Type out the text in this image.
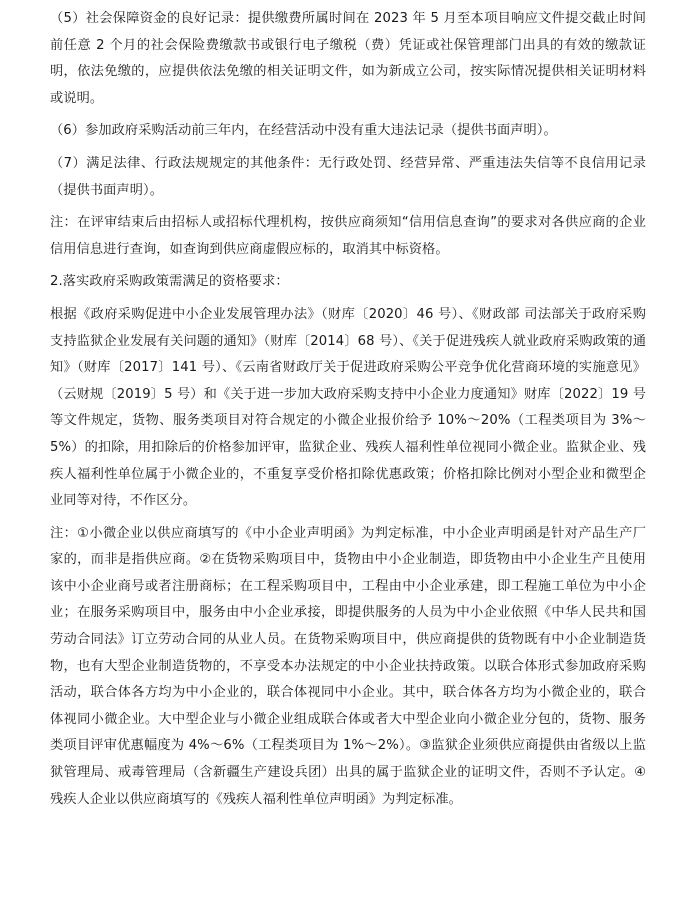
（5）社会保障资金的良好记录：提供缴费所属时间在 2023 年 5 月至本项目响应文件提交截止时间前任意 2 个月的社会保险费缴款书或银行电子缴税（费）凭证或社保管理部门出具的有效的缴款证明，依法免缴的，应提供依法免缴的相关证明文件，如为新成立公司，按实际情况提供相关证明材料或说明。

（6）参加政府采购活动前三年内，在经营活动中没有重大违法记录（提供书面声明）。

（7）满足法律、行政法规规定的其他条件：无行政处罚、经营异常、严重违法失信等不良信用记录（提供书面声明）。

注：在评审结束后由招标人或招标代理机构，按供应商须知“信用信息查询”的要求对各供应商的企业信用信息进行查询，如查询到供应商虚假应标的，取消其中标资格。

2.落实政府采购政策需满足的资格要求：

根据《政府采购促进中小企业发展管理办法》（财库〔2020〕46 号）、《财政部 司法部关于政府采购支持监狱企业发展有关问题的通知》（财库〔2014〕68 号）、《关于促进残疾人就业政府采购政策的通知》（财库〔2017〕141 号）、《云南省财政厅关于促进政府采购公平竞争优化营商环境的实施意见》（云财规〔2019〕5 号）和《关于进一步加大政府采购支持中小企业力度通知》财库〔2022〕19 号等文件规定，货物、服务类项目对符合规定的小微企业报价给予 10%～20%（工程类项目为 3%～5%）的扣除，用扣除后的价格参加评审，监狱企业、残疾人福利性单位视同小微企业。监狱企业、残疾人福利性单位属于小微企业的，不重复享受价格扣除优惠政策；价格扣除比例对小型企业和微型企业同等对待，不作区分。

注：①小微企业以供应商填写的《中小企业声明函》为判定标准，中小企业声明函是针对产品生产厂家的，而非是指供应商。②在货物采购项目中，货物由中小企业制造，即货物由中小企业生产且使用该中小企业商号或者注册商标；在工程采购项目中，工程由中小企业承建，即工程施工单位为中小企业；在服务采购项目中，服务由中小企业承接，即提供服务的人员为中小企业依照《中华人民共和国劳动合同法》订立劳动合同的从业人员。在货物采购项目中，供应商提供的货物既有中小企业制造货物，也有大型企业制造货物的，不享受本办法规定的中小企业扶持政策。以联合体形式参加政府采购活动，联合体各方均为中小企业的，联合体视同中小企业。其中，联合体各方均为小微企业的，联合体视同小微企业。大中型企业与小微企业组成联合体或者大中型企业向小微企业分包的，货物、服务类项目评审优惠幅度为 4%～6%（工程类项目为 1%～2%）。③监狱企业须供应商提供由省级以上监狱管理局、戒毒管理局（含新疆生产建设兵团）出具的属于监狱企业的证明文件，否则不予认定。④残疾人企业以供应商填写的《残疾人福利性单位声明函》为判定标准。
